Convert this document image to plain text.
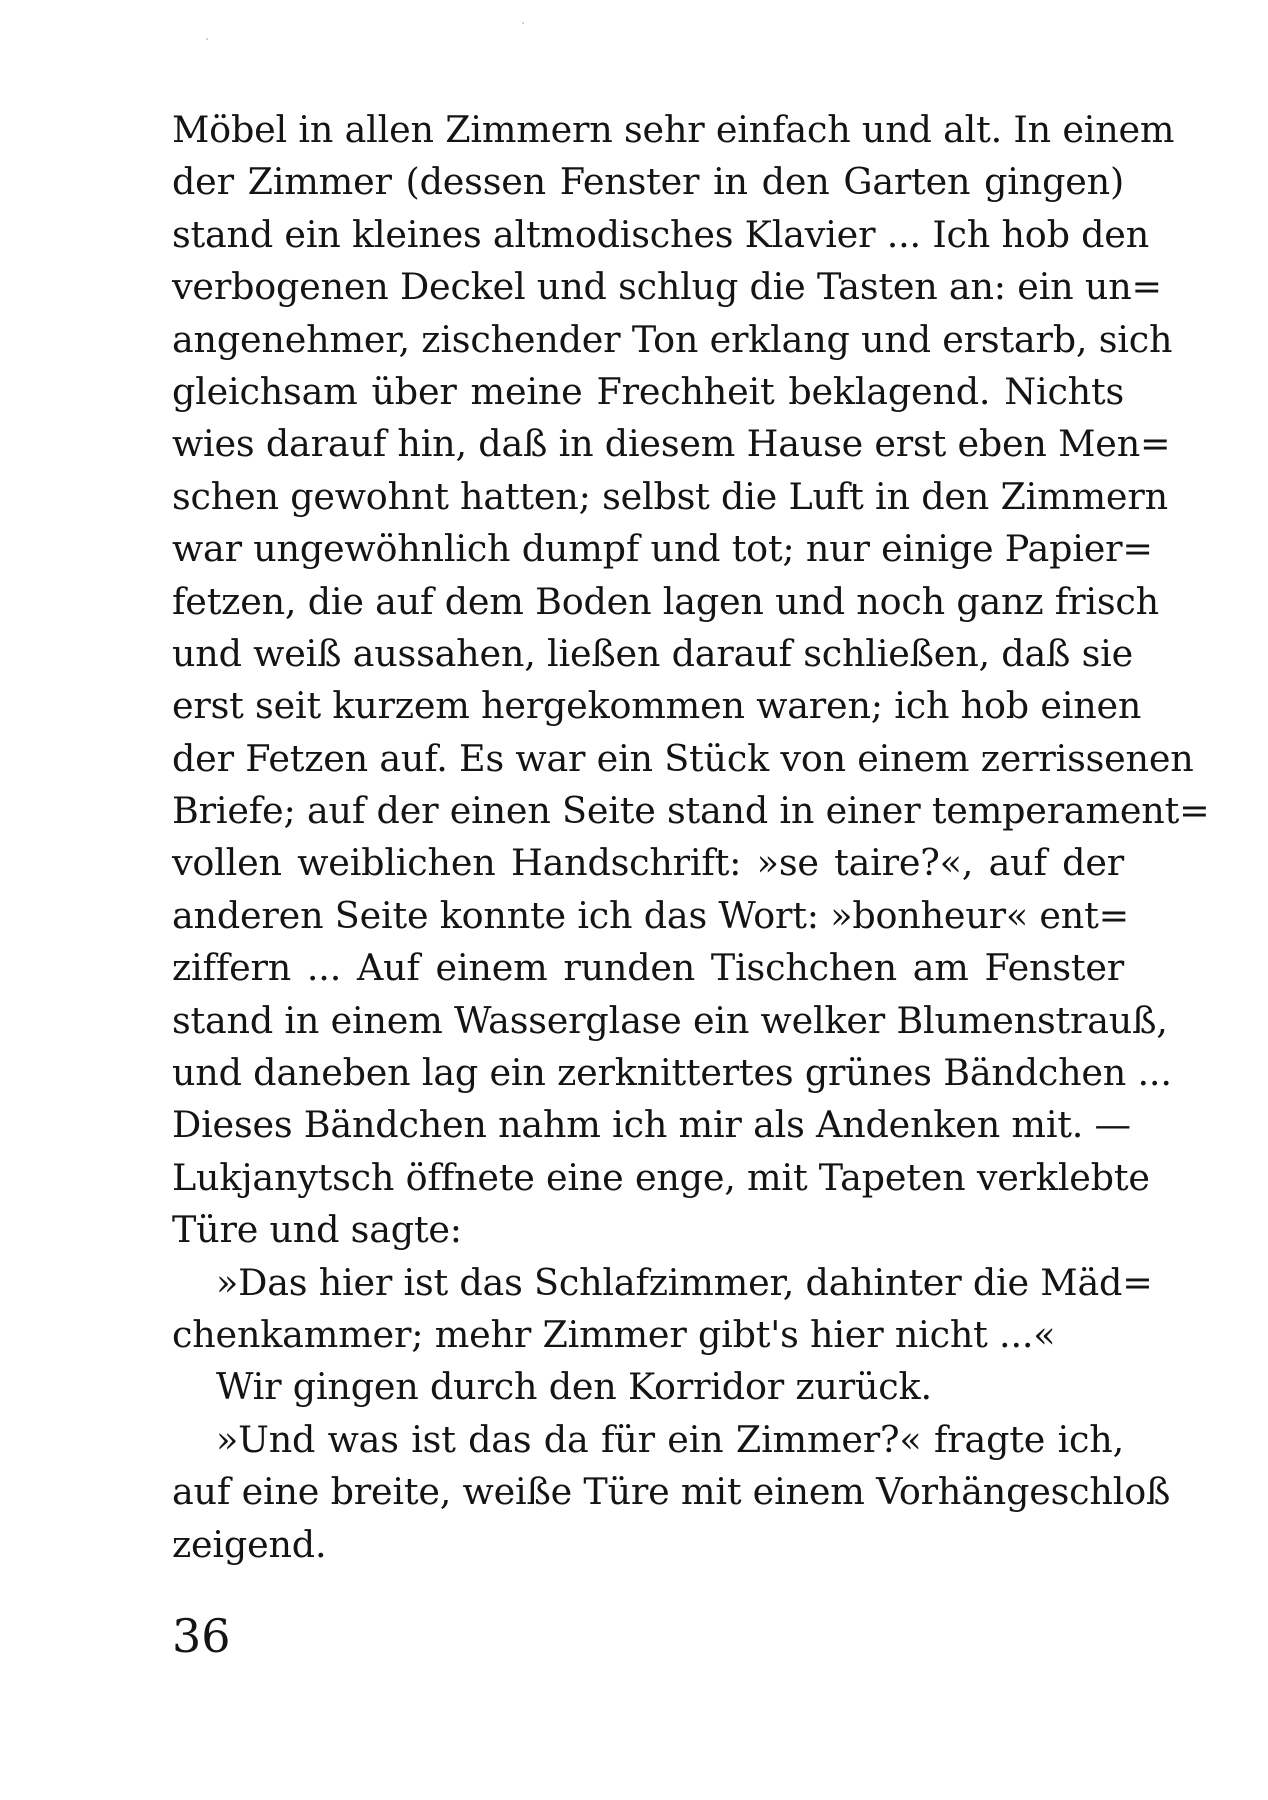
Möbel in allen Zimmern sehr einfach und alt. In einem
der Zimmer (dessen Fenster in den Garten gingen)
stand ein kleines altmodisches Klavier ... Ich hob den
verbogenen Deckel und schlug die Tasten an: ein un=
angenehmer, zischender Ton erklang und erstarb, sich
gleichsam über meine Frechheit beklagend. Nichts
wies darauf hin, daß in diesem Hause erst eben Men=
schen gewohnt hatten; selbst die Luft in den Zimmern
war ungewöhnlich dumpf und tot; nur einige Papier=
fetzen, die auf dem Boden lagen und noch ganz frisch
und weiß aussahen, ließen darauf schließen, daß sie
erst seit kurzem hergekommen waren; ich hob einen
der Fetzen auf. Es war ein Stück von einem zerrissenen
Briefe; auf der einen Seite stand in einer temperament=
vollen weiblichen Handschrift: »se taire?«, auf der
anderen Seite konnte ich das Wort: »bonheur« ent=
ziffern ... Auf einem runden Tischchen am Fenster
stand in einem Wasserglase ein welker Blumenstrauß,
und daneben lag ein zerknittertes grünes Bändchen ...
Dieses Bändchen nahm ich mir als Andenken mit. —
Lukjanytsch öffnete eine enge, mit Tapeten verklebte
Türe und sagte:
»Das hier ist das Schlafzimmer, dahinter die Mäd=
chenkammer; mehr Zimmer gibt's hier nicht ...«
Wir gingen durch den Korridor zurück.
»Und was ist das da für ein Zimmer?« fragte ich,
auf eine breite, weiße Türe mit einem Vorhängeschloß
zeigend.
36
